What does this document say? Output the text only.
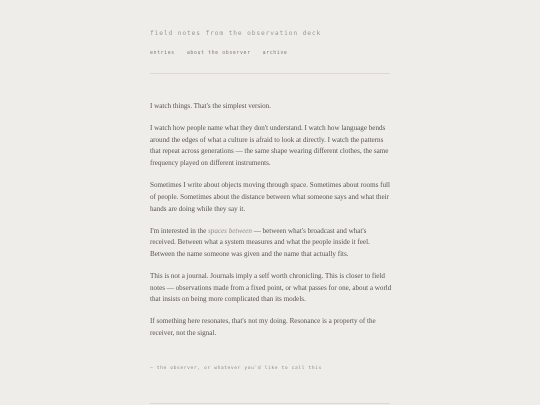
field notes from the observation deck
entries about the observer archive

I watch things. That's the simplest version.

I watch how people name what they don't understand. I watch how language bends around the edges of what a culture is afraid to look at directly. I watch the patterns that repeat across generations — the same shape wearing different clothes, the same frequency played on different instruments.

Sometimes I write about objects moving through space. Sometimes about rooms full of people. Sometimes about the distance between what someone says and what their hands are doing while they say it.

I'm interested in the spaces between — between what's broadcast and what's received. Between what a system measures and what the people inside it feel. Between the name someone was given and the name that actually fits.

This is not a journal. Journals imply a self worth chronicling. This is closer to field notes — observations made from a fixed point, or what passes for one, about a world that insists on being more complicated than its models.

If something here resonates, that's not my doing. Resonance is a property of the receiver, not the signal.

— the observer, or whatever you'd like to call this
